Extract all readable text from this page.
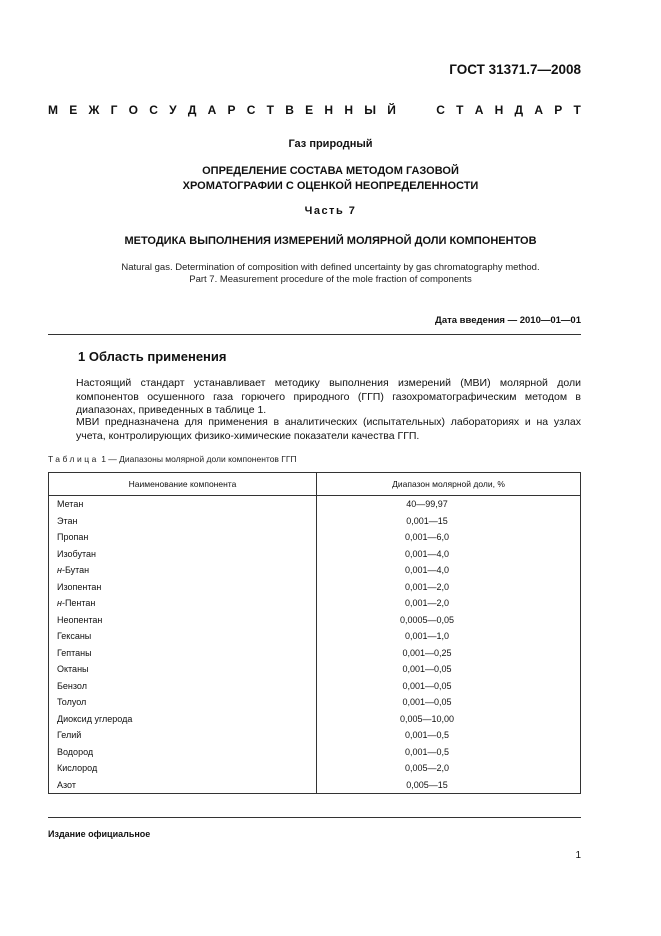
ГОСТ 31371.7—2008
М Е Ж Г О С У Д А Р С Т В Е Н Н Ы Й

	С Т А Н Д А Р Т
Газ природный
ОПРЕДЕЛЕНИЕ СОСТАВА МЕТОДОМ ГАЗОВОЙ
ХРОМАТОГРАФИИ С ОЦЕНКОЙ НЕОПРЕДЕЛЕННОСТИ
Часть 7
МЕТОДИКА ВЫПОЛНЕНИЯ ИЗМЕРЕНИЙ МОЛЯРНОЙ ДОЛИ КОМПОНЕНТОВ
Natural gas. Determination of composition with defined uncertainty by gas chromatography method.
Part 7. Measurement procedure of the mole fraction of components
Дата введения — 2010—01—01
1 Область применения
Настоящий стандарт устанавливает методику выполнения измерений (МВИ) молярной доли компонентов осушенного газа горючего природного (ГГП) газохроматографическим методом в диапазонах, приведенных в таблице 1.
МВИ предназначена для применения в аналитических (испытательных) лабораториях и на узлах учета, контролирующих физико-химические показатели качества ГГП.
Таблица 1 — Диапазоны молярной доли компонентов ГГП
Наименование компонента	Диапазон молярной доли, %
Метан	40—99,97
Этан	0,001—15
Пропан	0,001—6,0
Изобутан	0,001—4,0
н-Бутан	0,001—4,0
Изопентан	0,001—2,0
н-Пентан	0,001—2,0
Неопентан	0,0005—0,05
Гексаны	0,001—1,0
Гептаны	0,001—0,25
Октаны	0,001—0,05
Бензол	0,001—0,05
Толуол	0,001—0,05
Диоксид углерода	0,005—10,00
Гелий	0,001—0,5
Водород	0,001—0,5
Кислород	0,005—2,0
Азот	0,005—15
Издание официальное
1
